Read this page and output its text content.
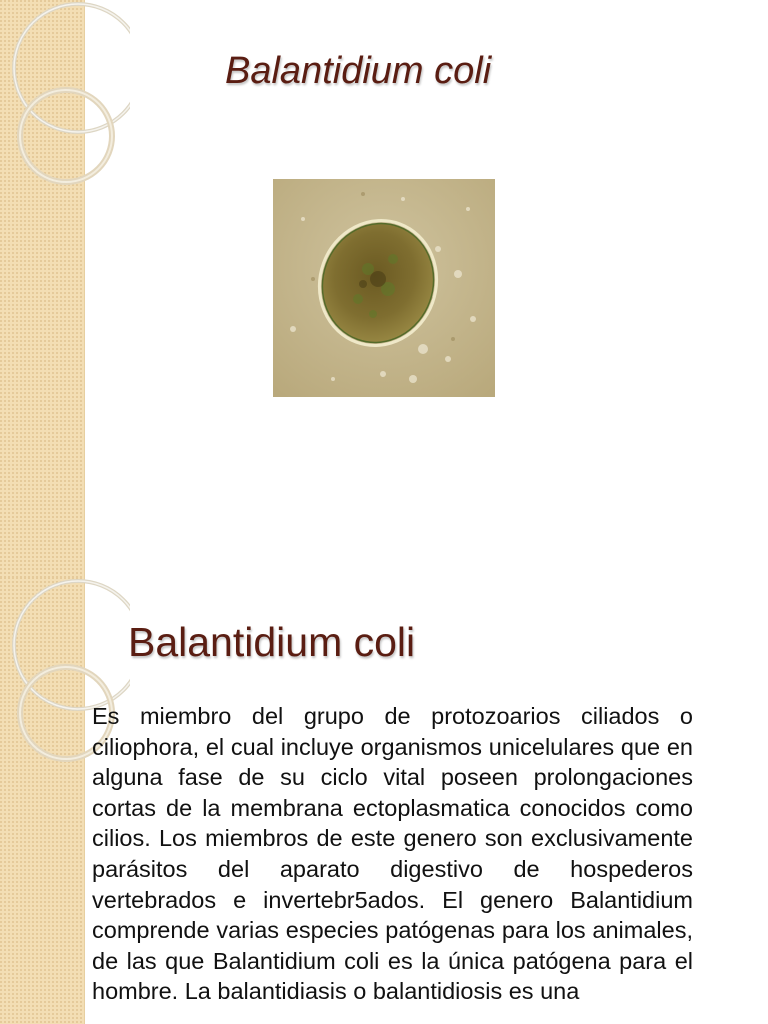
Balantidium coli
Balantidium coli
Es miembro del grupo de protozoarios ciliados o ciliophora, el cual incluye organismos unicelulares que en alguna fase de su ciclo vital poseen prolongaciones cortas de la membrana ectoplasmatica conocidos como cilios. Los miembros de este genero son exclusivamente parásitos del aparato digestivo de hospederos vertebrados e invertebr5ados. El genero Balantidium comprende varias especies patógenas para los animales, de las que Balantidium coli es la única patógena para el hombre. La balantidiasis o balantidiosis es una
